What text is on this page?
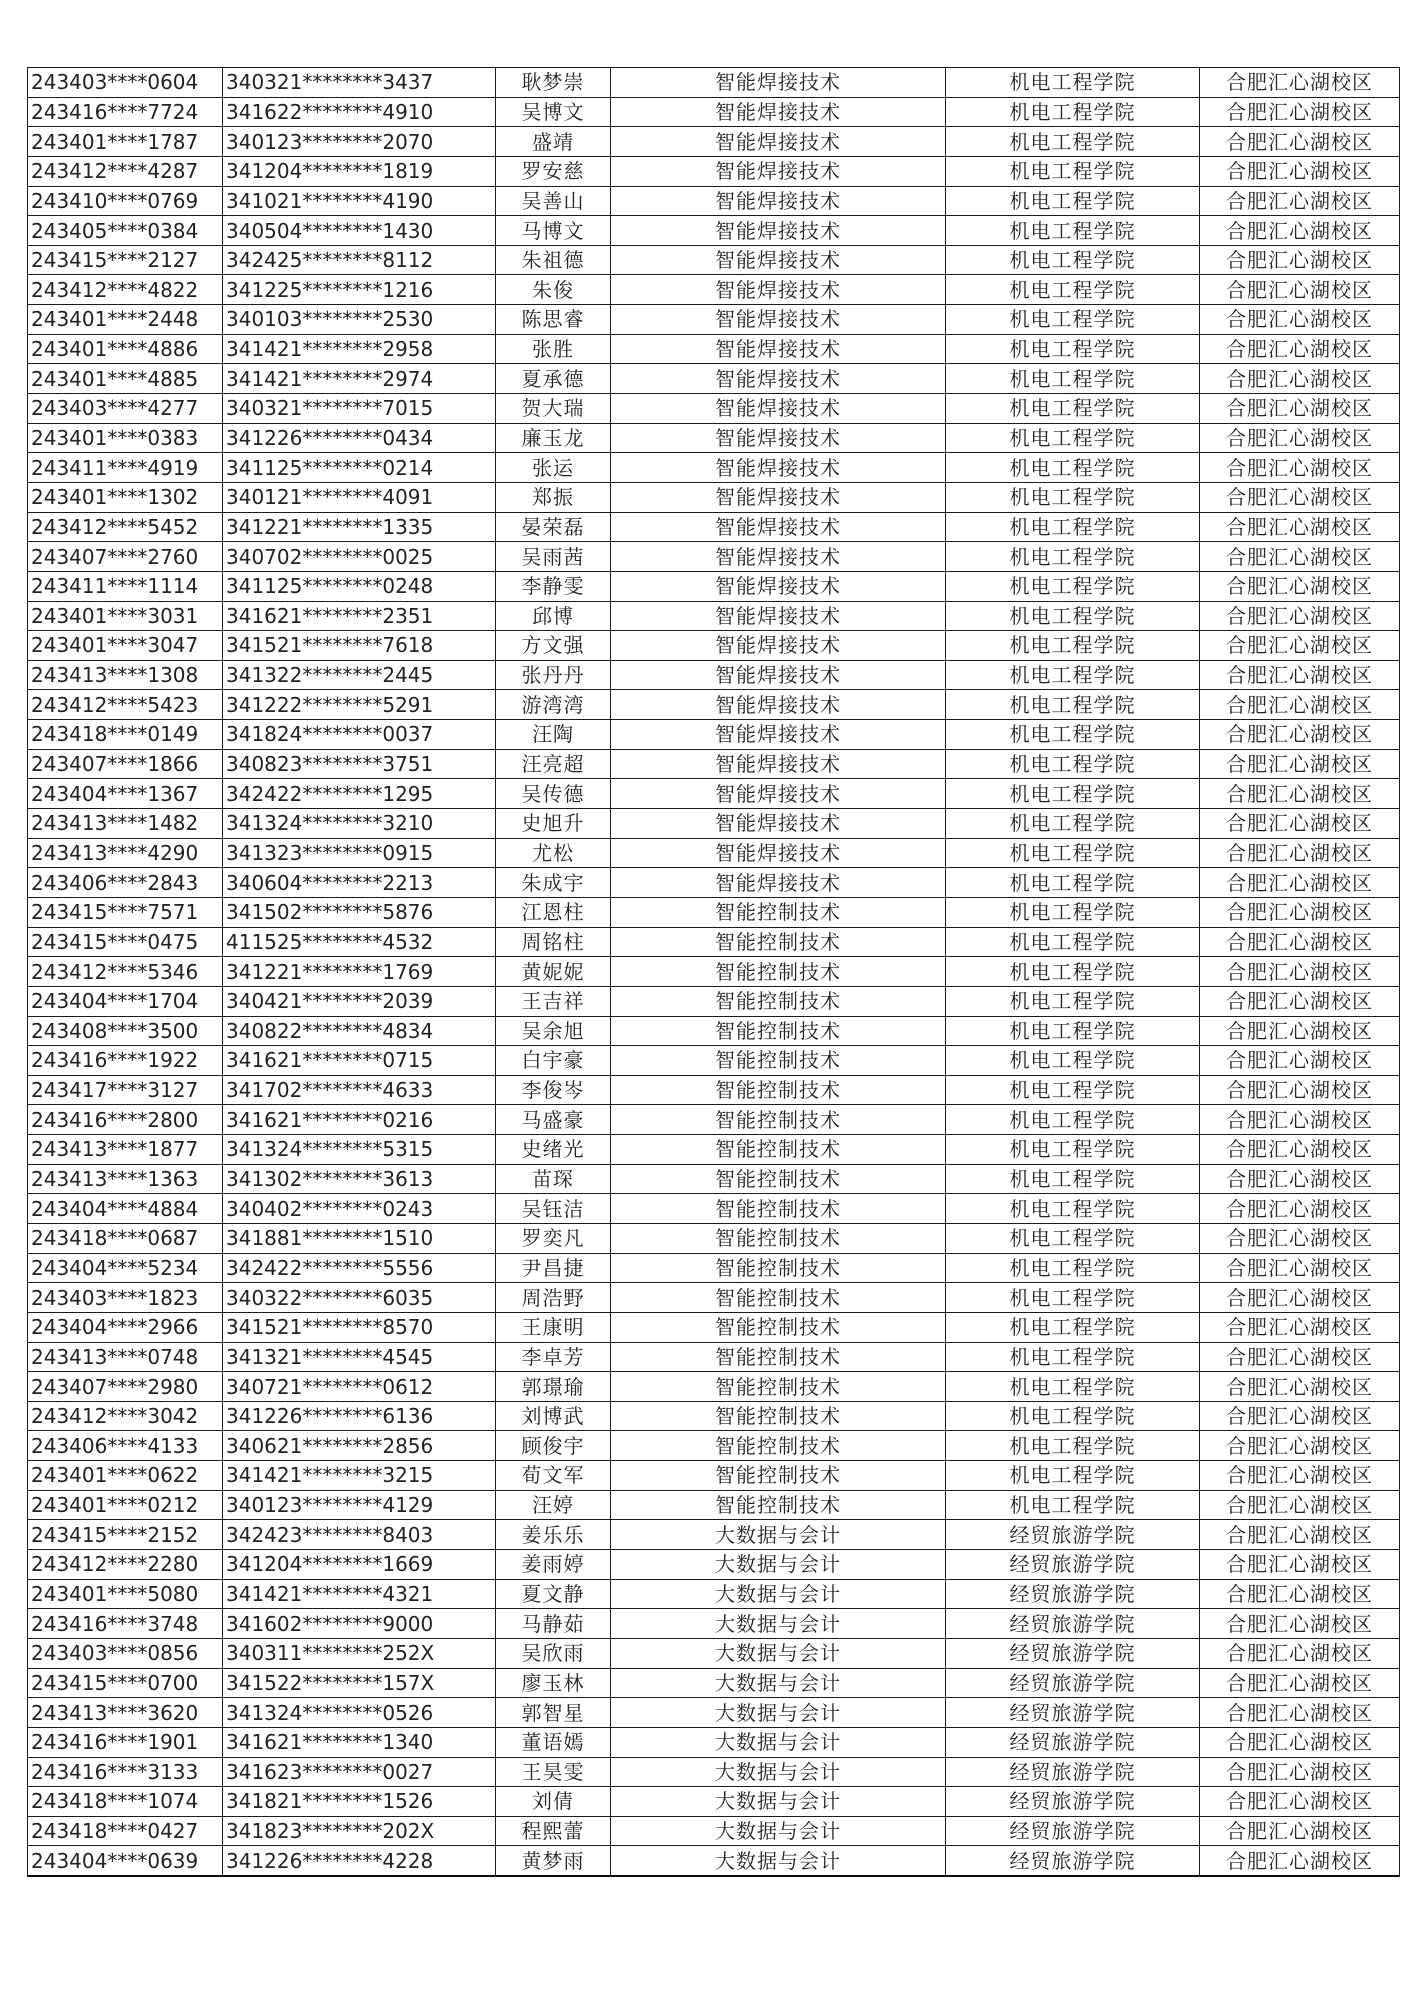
243403****0604	340321********3437	耿梦崇	智能焊接技术	机电工程学院	合肥汇心湖校区
243416****7724	341622********4910	吴博文	智能焊接技术	机电工程学院	合肥汇心湖校区
243401****1787	340123********2070	盛靖	智能焊接技术	机电工程学院	合肥汇心湖校区
243412****4287	341204********1819	罗安慈	智能焊接技术	机电工程学院	合肥汇心湖校区
243410****0769	341021********4190	吴善山	智能焊接技术	机电工程学院	合肥汇心湖校区
243405****0384	340504********1430	马博文	智能焊接技术	机电工程学院	合肥汇心湖校区
243415****2127	342425********8112	朱祖德	智能焊接技术	机电工程学院	合肥汇心湖校区
243412****4822	341225********1216	朱俊	智能焊接技术	机电工程学院	合肥汇心湖校区
243401****2448	340103********2530	陈思睿	智能焊接技术	机电工程学院	合肥汇心湖校区
243401****4886	341421********2958	张胜	智能焊接技术	机电工程学院	合肥汇心湖校区
243401****4885	341421********2974	夏承德	智能焊接技术	机电工程学院	合肥汇心湖校区
243403****4277	340321********7015	贺大瑞	智能焊接技术	机电工程学院	合肥汇心湖校区
243401****0383	341226********0434	廉玉龙	智能焊接技术	机电工程学院	合肥汇心湖校区
243411****4919	341125********0214	张运	智能焊接技术	机电工程学院	合肥汇心湖校区
243401****1302	340121********4091	郑振	智能焊接技术	机电工程学院	合肥汇心湖校区
243412****5452	341221********1335	晏荣磊	智能焊接技术	机电工程学院	合肥汇心湖校区
243407****2760	340702********0025	吴雨茜	智能焊接技术	机电工程学院	合肥汇心湖校区
243411****1114	341125********0248	李静雯	智能焊接技术	机电工程学院	合肥汇心湖校区
243401****3031	341621********2351	邱博	智能焊接技术	机电工程学院	合肥汇心湖校区
243401****3047	341521********7618	方文强	智能焊接技术	机电工程学院	合肥汇心湖校区
243413****1308	341322********2445	张丹丹	智能焊接技术	机电工程学院	合肥汇心湖校区
243412****5423	341222********5291	游湾湾	智能焊接技术	机电工程学院	合肥汇心湖校区
243418****0149	341824********0037	汪陶	智能焊接技术	机电工程学院	合肥汇心湖校区
243407****1866	340823********3751	汪亮超	智能焊接技术	机电工程学院	合肥汇心湖校区
243404****1367	342422********1295	吴传德	智能焊接技术	机电工程学院	合肥汇心湖校区
243413****1482	341324********3210	史旭升	智能焊接技术	机电工程学院	合肥汇心湖校区
243413****4290	341323********0915	尤松	智能焊接技术	机电工程学院	合肥汇心湖校区
243406****2843	340604********2213	朱成宇	智能焊接技术	机电工程学院	合肥汇心湖校区
243415****7571	341502********5876	江恩柱	智能控制技术	机电工程学院	合肥汇心湖校区
243415****0475	411525********4532	周铭柱	智能控制技术	机电工程学院	合肥汇心湖校区
243412****5346	341221********1769	黄妮妮	智能控制技术	机电工程学院	合肥汇心湖校区
243404****1704	340421********2039	王吉祥	智能控制技术	机电工程学院	合肥汇心湖校区
243408****3500	340822********4834	吴余旭	智能控制技术	机电工程学院	合肥汇心湖校区
243416****1922	341621********0715	白宇豪	智能控制技术	机电工程学院	合肥汇心湖校区
243417****3127	341702********4633	李俊岑	智能控制技术	机电工程学院	合肥汇心湖校区
243416****2800	341621********0216	马盛豪	智能控制技术	机电工程学院	合肥汇心湖校区
243413****1877	341324********5315	史绪光	智能控制技术	机电工程学院	合肥汇心湖校区
243413****1363	341302********3613	苗琛	智能控制技术	机电工程学院	合肥汇心湖校区
243404****4884	340402********0243	吴钰洁	智能控制技术	机电工程学院	合肥汇心湖校区
243418****0687	341881********1510	罗奕凡	智能控制技术	机电工程学院	合肥汇心湖校区
243404****5234	342422********5556	尹昌捷	智能控制技术	机电工程学院	合肥汇心湖校区
243403****1823	340322********6035	周浩野	智能控制技术	机电工程学院	合肥汇心湖校区
243404****2966	341521********8570	王康明	智能控制技术	机电工程学院	合肥汇心湖校区
243413****0748	341321********4545	李卓芳	智能控制技术	机电工程学院	合肥汇心湖校区
243407****2980	340721********0612	郭璟瑜	智能控制技术	机电工程学院	合肥汇心湖校区
243412****3042	341226********6136	刘博武	智能控制技术	机电工程学院	合肥汇心湖校区
243406****4133	340621********2856	顾俊宇	智能控制技术	机电工程学院	合肥汇心湖校区
243401****0622	341421********3215	荀文军	智能控制技术	机电工程学院	合肥汇心湖校区
243401****0212	340123********4129	汪婷	智能控制技术	机电工程学院	合肥汇心湖校区
243415****2152	342423********8403	姜乐乐	大数据与会计	经贸旅游学院	合肥汇心湖校区
243412****2280	341204********1669	姜雨婷	大数据与会计	经贸旅游学院	合肥汇心湖校区
243401****5080	341421********4321	夏文静	大数据与会计	经贸旅游学院	合肥汇心湖校区
243416****3748	341602********9000	马静茹	大数据与会计	经贸旅游学院	合肥汇心湖校区
243403****0856	340311********252X	吴欣雨	大数据与会计	经贸旅游学院	合肥汇心湖校区
243415****0700	341522********157X	廖玉林	大数据与会计	经贸旅游学院	合肥汇心湖校区
243413****3620	341324********0526	郭智星	大数据与会计	经贸旅游学院	合肥汇心湖校区
243416****1901	341621********1340	董语嫣	大数据与会计	经贸旅游学院	合肥汇心湖校区
243416****3133	341623********0027	王昊雯	大数据与会计	经贸旅游学院	合肥汇心湖校区
243418****1074	341821********1526	刘倩	大数据与会计	经贸旅游学院	合肥汇心湖校区
243418****0427	341823********202X	程熙蕾	大数据与会计	经贸旅游学院	合肥汇心湖校区
243404****0639	341226********4228	黄梦雨	大数据与会计	经贸旅游学院	合肥汇心湖校区
